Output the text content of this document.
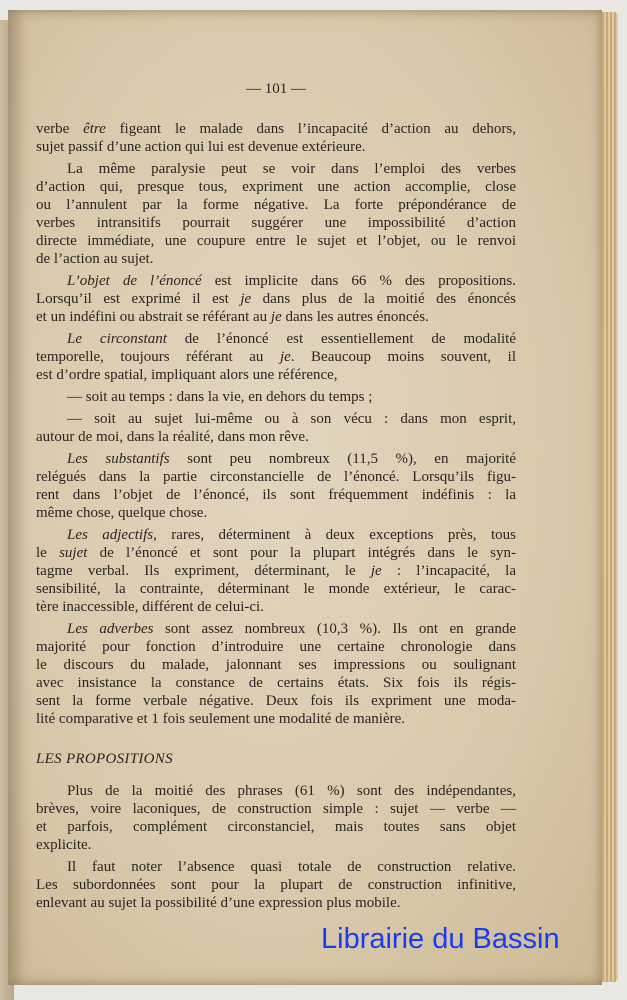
— 101 —
verbe être figeant le malade dans l’incapacité d’action au dehors,
sujet passif d’une action qui lui est devenue extérieure.
La même paralysie peut se voir dans l’emploi des verbes
d’action qui, presque tous, expriment une action accomplie, close
ou l’annulent par la forme négative. La forte prépondérance de
verbes intransitifs pourrait suggérer une impossibilité d’action
directe immédiate, une coupure entre le sujet et l’objet, ou le renvoi
de l’action au sujet.
L’objet de l’énoncé est implicite dans 66 % des propositions.
Lorsqu’il est exprimé il est je dans plus de la moitié des énoncés
et un indéfini ou abstrait se référant au je dans les autres énoncés.
Le circonstant de l’énoncé est essentiellement de modalité
temporelle, toujours référant au je. Beaucoup moins souvent, il
est d’ordre spatial, impliquant alors une référence,
— soit au temps : dans la vie, en dehors du temps ;
— soit au sujet lui-même ou à son vécu : dans mon esprit,
autour de moi, dans la réalité, dans mon rêve.
Les substantifs sont peu nombreux (11,5 %), en majorité
relégués dans la partie circonstancielle de l’énoncé. Lorsqu’ils figu-
rent dans l’objet de l’énoncé, ils sont fréquemment indéfinis : la
même chose, quelque chose.
Les adjectifs, rares, déterminent à deux exceptions près, tous
le sujet de l’énoncé et sont pour la plupart intégrés dans le syn-
tagme verbal. Ils expriment, déterminant, le je : l’incapacité, la
sensibilité, la contrainte, déterminant le monde extérieur, le carac-
tère inaccessible, différent de celui-ci.
Les adverbes sont assez nombreux (10,3 %). Ils ont en grande
majorité pour fonction d’introduire une certaine chronologie dans
le discours du malade, jalonnant ses impressions ou soulignant
avec insistance la constance de certains états. Six fois ils régis-
sent la forme verbale négative. Deux fois ils expriment une moda-
lité comparative et 1 fois seulement une modalité de manière.
LES PROPOSITIONS
Plus de la moitié des phrases (61 %) sont des indépendantes,
brèves, voire laconiques, de construction simple : sujet — verbe —
et parfois, complément circonstanciel, mais toutes sans objet
explicite.
Il faut noter l’absence quasi totale de construction relative.
Les subordonnées sont pour la plupart de construction infinitive,
enlevant au sujet la possibilité d’une expression plus mobile.
Librairie du Bassin
